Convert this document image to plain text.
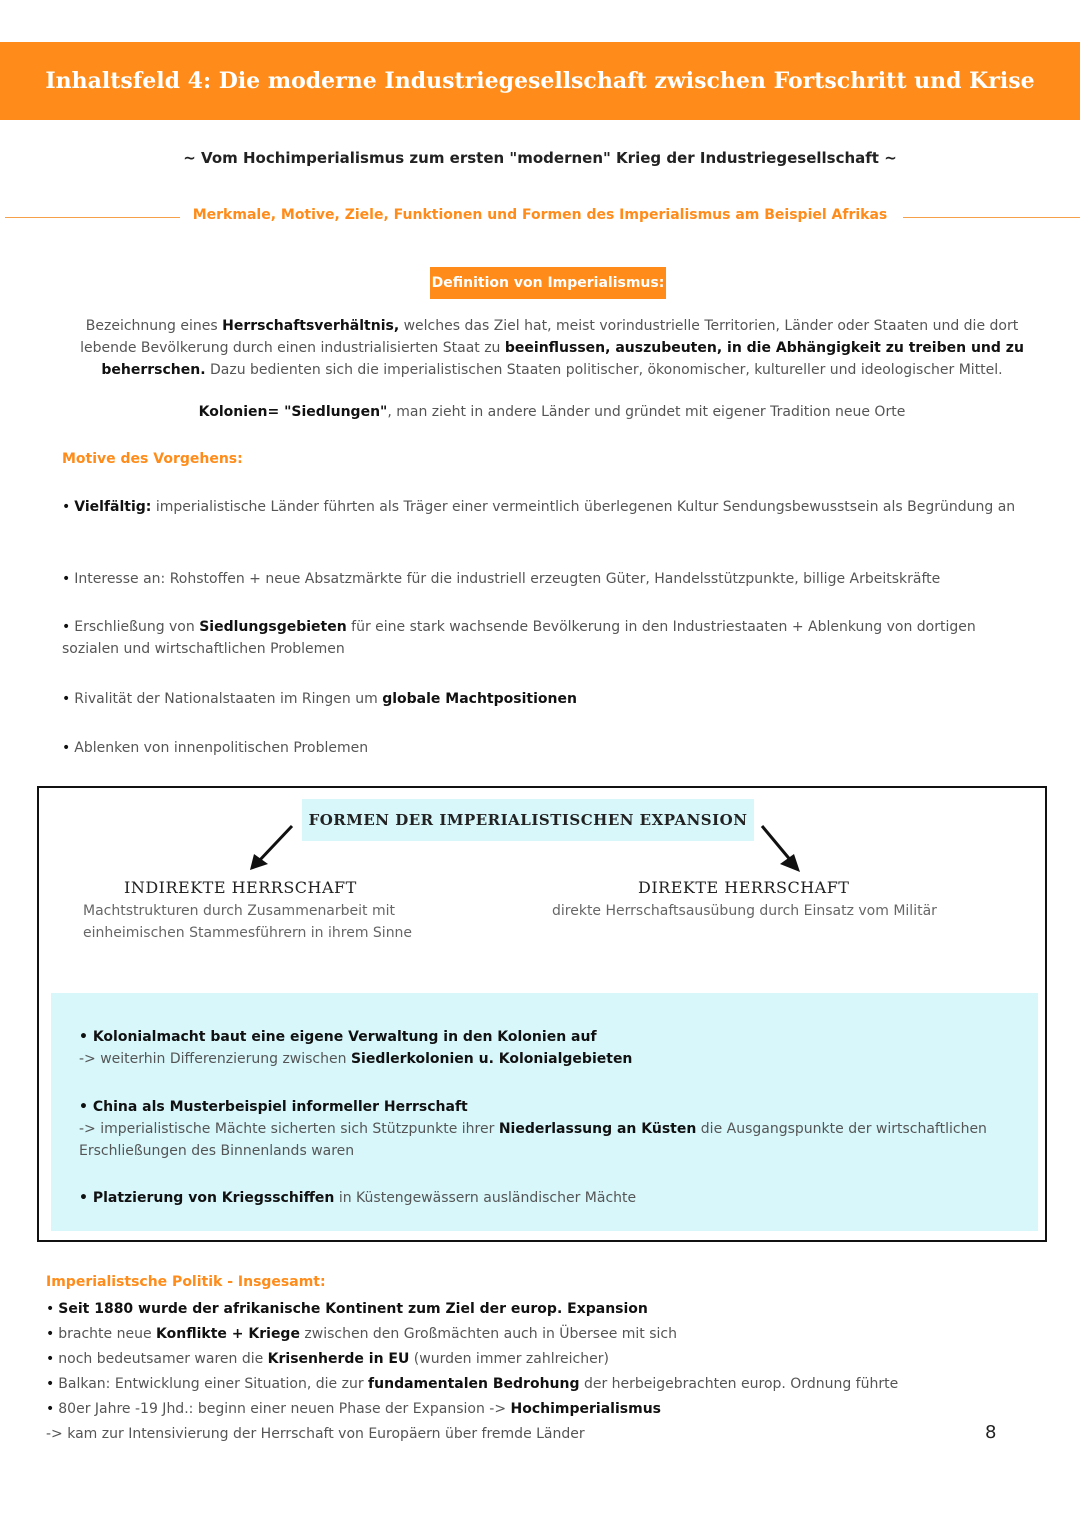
Inhaltsfeld 4: Die moderne Industriegesellschaft zwischen Fortschritt und Krise
~ Vom Hochimperialismus zum ersten "modernen" Krieg der Industriegesellschaft ~
Merkmale, Motive, Ziele, Funktionen und Formen des Imperialismus am Beispiel Afrikas
Definition von Imperialismus:
Bezeichnung eines Herrschaftsverhältnis, welches das Ziel hat, meist vorindustrielle Territorien, Länder oder Staaten und die dort lebende Bevölkerung durch einen industrialisierten Staat zu beeinflussen, auszubeuten, in die Abhängigkeit zu treiben und zu beherrschen. Dazu bedienten sich die imperialistischen Staaten politischer, ökonomischer, kultureller und ideologischer Mittel.
Kolonien= "Siedlungen", man zieht in andere Länder und gründet mit eigener Tradition neue Orte
Motive des Vorgehens:
• Vielfältig: imperialistische Länder führten als Träger einer vermeintlich überlegenen Kultur Sendungsbewusstsein als Begründung an
• Interesse an: Rohstoffen + neue Absatzmärkte für die industriell erzeugten Güter, Handelsstützpunkte, billige Arbeitskräfte
• Erschließung von Siedlungsgebieten für eine stark wachsende Bevölkerung in den Industriestaaten + Ablenkung von dortigen sozialen und wirtschaftlichen Problemen
• Rivalität der Nationalstaaten im Ringen um globale Machtpositionen
• Ablenken von innenpolitischen Problemen
FORMEN DER IMPERIALISTISCHEN EXPANSION
INDIREKTE HERRSCHAFT
Machtstrukturen durch Zusammenarbeit mit einheimischen Stammesführern in ihrem Sinne
DIREKTE HERRSCHAFT
direkte Herrschaftsausübung durch Einsatz vom Militär
• Kolonialmacht baut eine eigene Verwaltung in den Kolonien auf
-> weiterhin Differenzierung zwischen Siedlerkolonien u. Kolonialgebieten
• China als Musterbeispiel informeller Herrschaft
-> imperialistische Mächte sicherten sich Stützpunkte ihrer Niederlassung an Küsten die Ausgangspunkte der wirtschaftlichen Erschließungen des Binnenlands waren
• Platzierung von Kriegsschiffen in Küstengewässern ausländischer Mächte
Imperialistsche Politik - Insgesamt:
• Seit 1880 wurde der afrikanische Kontinent zum Ziel der europ. Expansion
• brachte neue Konflikte + Kriege zwischen den Großmächten auch in Übersee mit sich
• noch bedeutsamer waren die Krisenherde in EU (wurden immer zahlreicher)
• Balkan: Entwicklung einer Situation, die zur fundamentalen Bedrohung der herbeigebrachten europ. Ordnung führte
• 80er Jahre -19 Jhd.: beginn einer neuen Phase der Expansion -> Hochimperialismus
-> kam zur Intensivierung der Herrschaft von Europäern über fremde Länder	8
